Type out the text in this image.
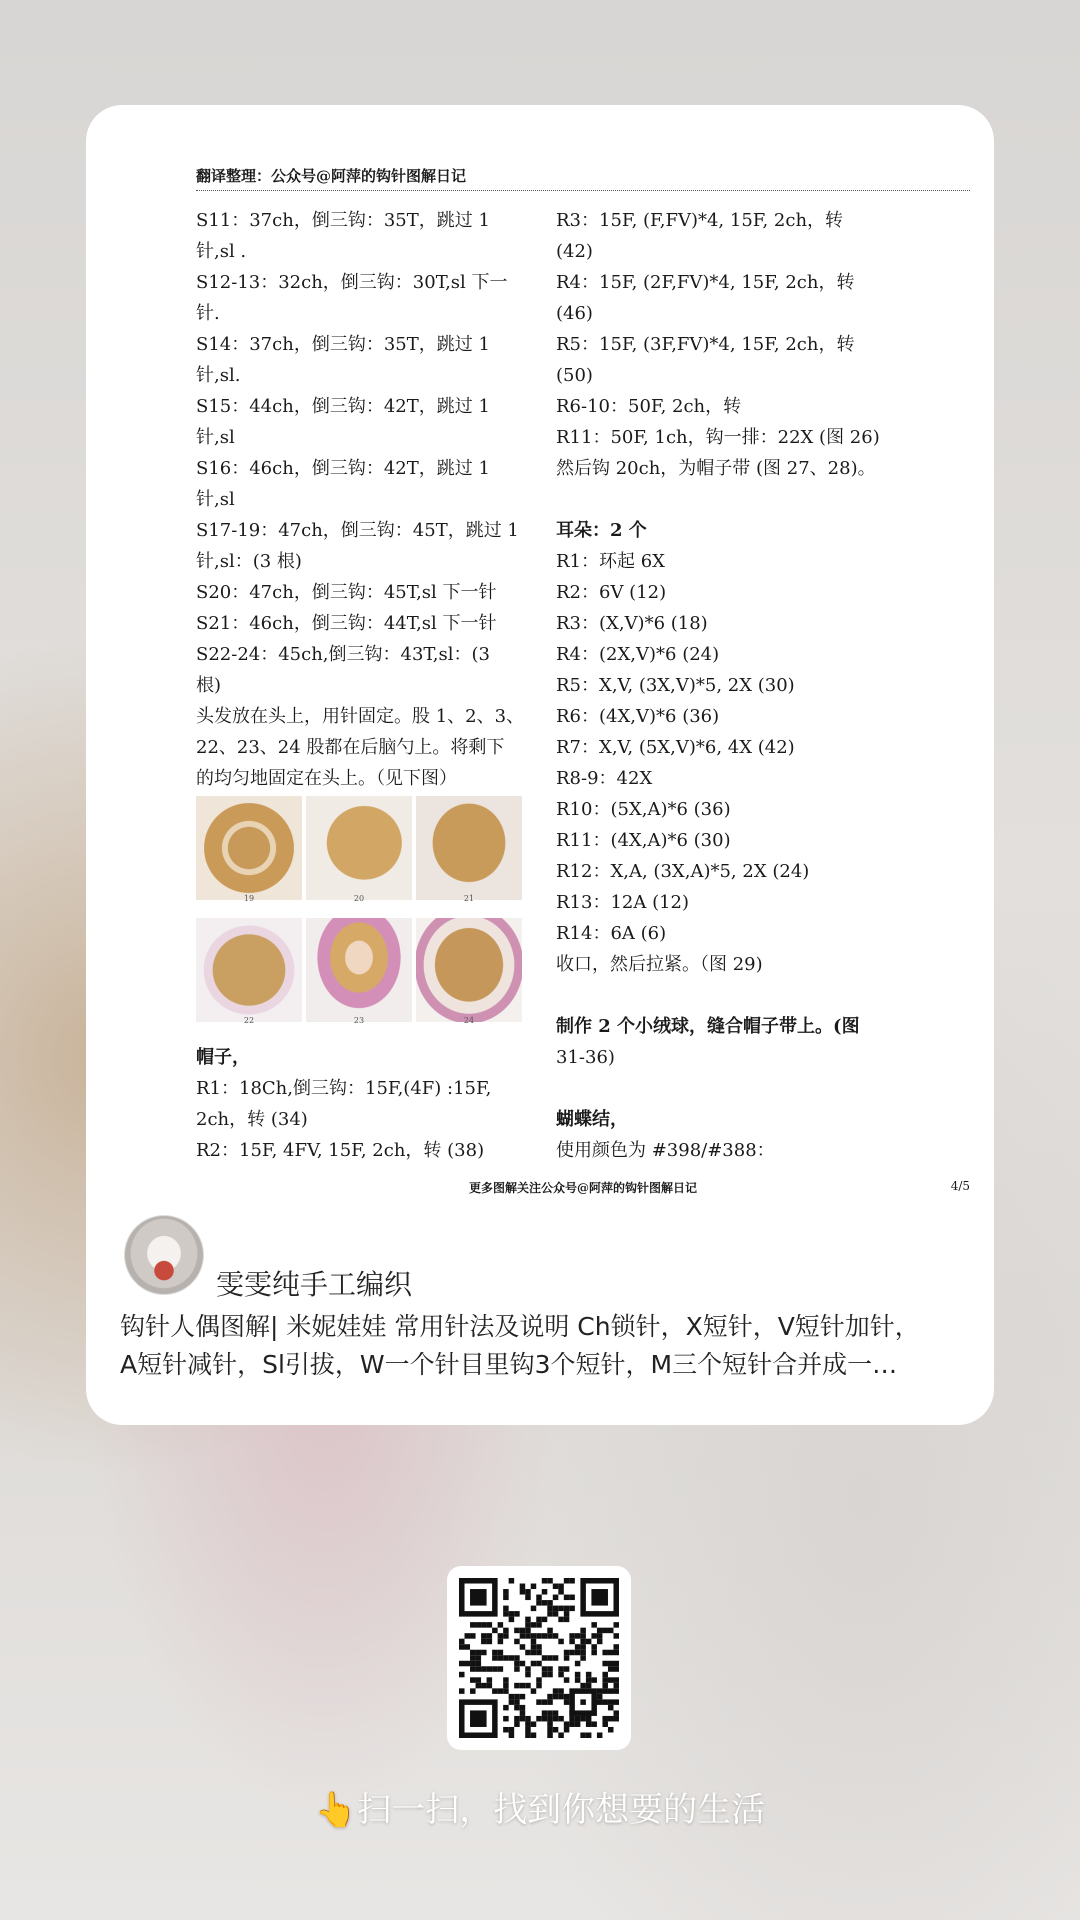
翻译整理：公众号@阿萍的钩针图解日记
S11：37ch，倒三钩：35T，跳过 1
针,sl .
S12-13：32ch，倒三钩：30T,sl 下一
针.
S14：37ch，倒三钩：35T，跳过 1
针,sl.
S15：44ch，倒三钩：42T，跳过 1
针,sl
S16：46ch，倒三钩：42T，跳过 1
针,sl
S17-19：47ch，倒三钩：45T，跳过 1
针,sl：(3 根)
S20：47ch，倒三钩：45T,sl 下一针
S21：46ch，倒三钩：44T,sl 下一针
S22-24：45ch,倒三钩：43T,sl：(3
根)
头发放在头上，用针固定。股 1、2、3、
22、23、24 股都在后脑勺上。将剩下
的均匀地固定在头上。（见下图）
19	20	21
22	23	24
帽子，
R1：18Ch,倒三钩：15F,(4F) :15F,
2ch，转 (34)
R2：15F, 4FV, 15F, 2ch，转 (38)
R3：15F, (F,FV)*4, 15F, 2ch，转
(42)
R4：15F, (2F,FV)*4, 15F, 2ch，转
(46)
R5：15F, (3F,FV)*4, 15F, 2ch，转
(50)
R6-10：50F, 2ch，转
R11：50F, 1ch，钩一排：22X (图 26)
然后钩 20ch，为帽子带 (图 27、28)。
耳朵：2 个
R1：环起 6X
R2：6V (12)
R3：(X,V)*6 (18)
R4：(2X,V)*6 (24)
R5：X,V, (3X,V)*5, 2X (30)
R6：(4X,V)*6 (36)
R7：X,V, (5X,V)*6, 4X (42)
R8-9：42X
R10：(5X,A)*6 (36)
R11：(4X,A)*6 (30)
R12：X,A, (3X,A)*5, 2X (24)
R13：12A (12)
R14：6A (6)
收口，然后拉紧。（图 29)
制作 2 个小绒球，缝合帽子带上。(图
31-36)
蝴蝶结，
使用颜色为 #398/#388：
更多图解关注公众号@阿萍的钩针图解日记	4/5
雯雯纯手工编织
钩针人偶图解| 米妮娃娃 常用针法及说明 Ch锁针，X短针，V短针加针，
A短针减针，Sl引拔，W一个针目里钩3个短针，M三个短针合并成一…
👆扫一扫，找到你想要的生活
